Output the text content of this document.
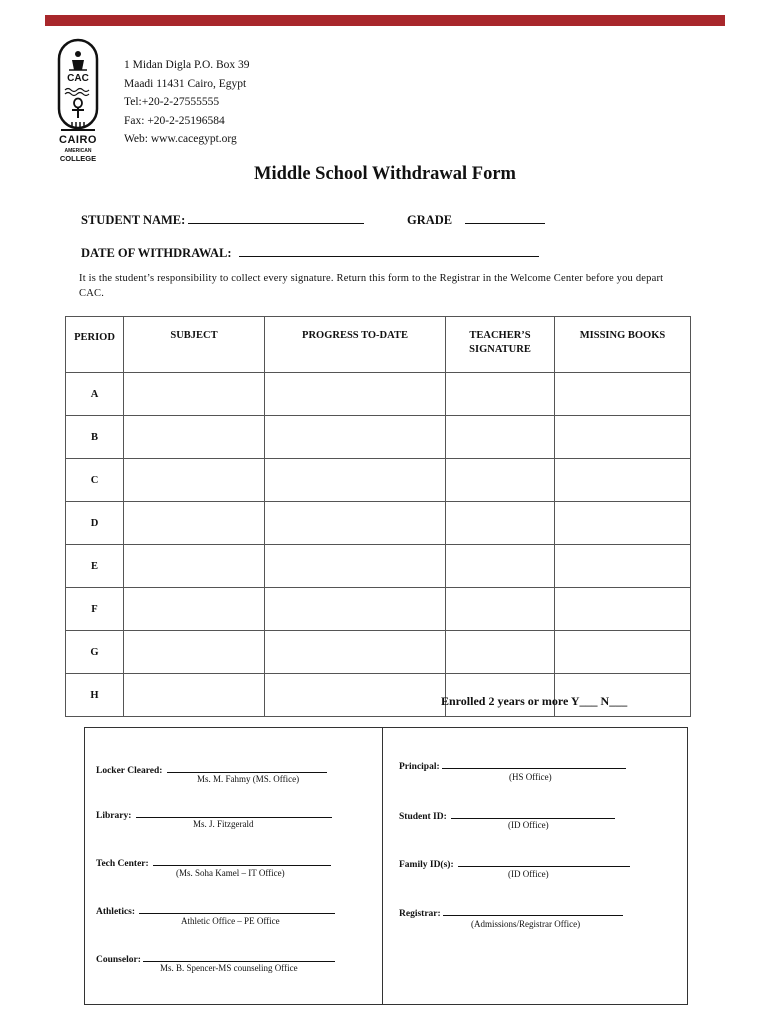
CAC
CAIRO
AMERICAN
COLLEGE
1 Midan Digla P.O. Box 39
Maadi 11431 Cairo, Egypt
Tel:+20-2-27555555
Fax: +20-2-25196584
Web: www.cacegypt.org
Middle School Withdrawal Form
STUDENT NAME:	GRADE
DATE OF WITHDRAWAL:
It is the student’s responsibility to collect every signature. Return this form to the Registrar in the Welcome Center before you depart CAC.
PERIOD	SUBJECT	PROGRESS TO-DATE	TEACHER’S SIGNATURE	MISSING BOOKS
A				
B				
C				
D				
E				
F				
G				
H					Enrolled 2 years or more Y___ N___
Locker Cleared:
Ms. M. Fahmy (MS. Office)
Library:
Ms. J. Fitzgerald
Tech Center:
(Ms. Soha Kamel – IT Office)
Athletics:
Athletic Office – PE Office
Counselor:
Ms. B. Spencer-MS counseling Office
Principal:
(HS Office)
Student ID:
(ID Office)
Family ID(s):
(ID Office)
Registrar:
(Admissions/Registrar Office)
